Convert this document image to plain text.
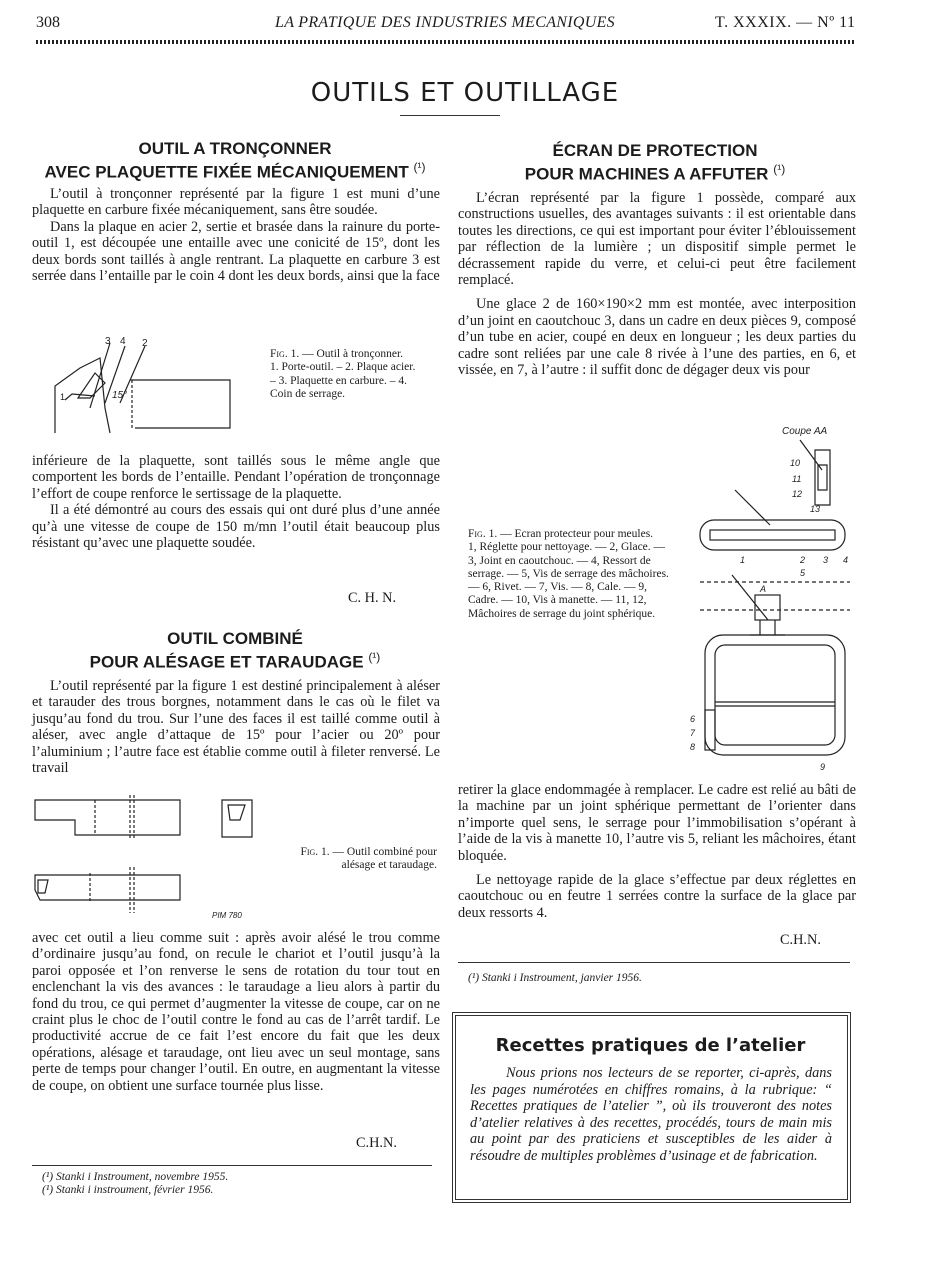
308	LA PRATIQUE DES INDUSTRIES MECANIQUES	T. XXXIX. — Nº 11
OUTILS ET OUTILLAGE
OUTIL A TRONÇONNER
AVEC PLAQUETTE FIXÉE MÉCANIQUEMENT $^{(^1)}$

L’outil à tronçonner représenté par la figure 1 est muni d’une plaquette en carbure fixée mécaniquement, sans être soudée.

Dans la plaque en acier 2, sertie et brasée dans la rainure du porte-outil 1, est découpée une entaille avec une conicité de 15º, dont les deux bords sont taillés à angle rentrant. La plaquette en carbure 3 est serrée dans l’entaille par le coin 4 dont les deux bords, ainsi que la face

3 4 2
1	15°
Fig. 1. — Outil à tronçonner.
1. Porte-outil. – 2. Plaque acier. – 3. Plaquette en carbure. – 4. Coin de serrage.

inférieure de la plaquette, sont taillés sous le même angle que comportent les bords de l’entaille. Pendant l’opération de tronçonnage l’effort de coupe renforce le sertissage de la plaquette.

Il a été démontré au cours des essais qui ont duré plus d’une année qu’à une vitesse de coupe de 150 m/mn l’outil était beaucoup plus résistant qu’avec une plaquette soudée.

C. H. N.
OUTIL COMBINÉ
POUR ALÉSAGE ET TARAUDAGE $^{(^1)}$

L’outil représenté par la figure 1 est destiné principalement à aléser et tarauder des trous borgnes, notamment dans le cas où le filet va jusqu’au fond du trou. Sur l’une des faces il est taillé comme outil à aléser, avec angle d’attaque de 15º pour l’acier ou 20º pour l’aluminium ; l’autre face est établie comme outil à fileter renversé. Le travail

PIM 780
Fig. 1. — Outil combiné pour alésage et taraudage.

avec cet outil a lieu comme suit : après avoir alésé le trou comme d’ordinaire jusqu’au fond, on recule le chariot et l’outil jusqu’à la paroi opposée et l’on renverse le sens de rotation du tour tout en enclenchant la vis des avances : le taraudage a lieu alors à partir du fond du trou, ce qui permet d’augmenter la vitesse de coupe, car on ne craint plus le choc de l’outil contre le fond au cas de l’arrêt tardif. Le productivité accrue de ce fait l’est encore du fait que les deux opérations, alésage et taraudage, ont lieu avec un seul montage, sans perte de temps pour changer l’outil. En outre, en augmentant la vitesse de coupe, on obtient une surface tournée plus lisse.

C.H.N.
(¹) Stanki i Instroument, novembre 1955.
(¹) Stanki i instroument, février 1956.
ÉCRAN DE PROTECTION
POUR MACHINES A AFFUTER $^{(^1)}$

L’écran représenté par la figure 1 possède, comparé aux constructions usuelles, des avantages suivants : il est orientable dans toutes les directions, ce qui est important pour éviter l’éblouissement par réflection de la lumière ; un dispositif simple permet le décrassement rapide du verre, et celui-ci peut être facilement remplacé.

Une glace 2 de 160×190×2 mm est montée, avec interposition d’un joint en caoutchouc 3, dans un cadre en deux pièces 9, composé d’un tube en acier, coupé en deux en longueur ; les deux parties du cadre sont reliées par une cale 8 rivée à l’une des parties, en 6, et vissée, en 7, à l’autre : il suffit donc de dégager deux vis pour

Coupe AA
10
11
12
13
1	2 3 4
5
A
6
7
8
9
Fig. 1. — Ecran protecteur pour meules.
1, Réglette pour nettoyage. — 2, Glace. — 3, Joint en caoutchouc. — 4, Ressort de serrage. — 5, Vis de serrage des mâchoires. — 6, Rivet. — 7, Vis. — 8, Cale. — 9, Cadre. — 10, Vis à manette. — 11, 12, Mâchoires de serrage du joint sphérique.

retirer la glace endommagée à remplacer. Le cadre est relié au bâti de la machine par un joint sphérique permettant de l’orienter dans n’importe quel sens, le serrage pour l’immobilisation s’opérant à l’aide de la vis à manette 10, l’autre vis 5, reliant les mâchoires, étant bloquée.

Le nettoyage rapide de la glace s’effectue par deux réglettes en caoutchouc ou en feutre 1 serrées contre la surface de la glace par deux ressorts 4.

C.H.N.
(¹) Stanki i Instroument, janvier 1956.
Recettes pratiques de l’atelier

Nous prions nos lecteurs de se reporter, ci-après, dans les pages numérotées en chiffres romains, à la rubrique: “ Recettes pratiques de l’atelier ”, où ils trouveront des notes d’atelier relatives à des recettes, procédés, tours de main mis au point par des praticiens et susceptibles de les aider à résoudre de multiples problèmes d’usinage et de fabrication.
